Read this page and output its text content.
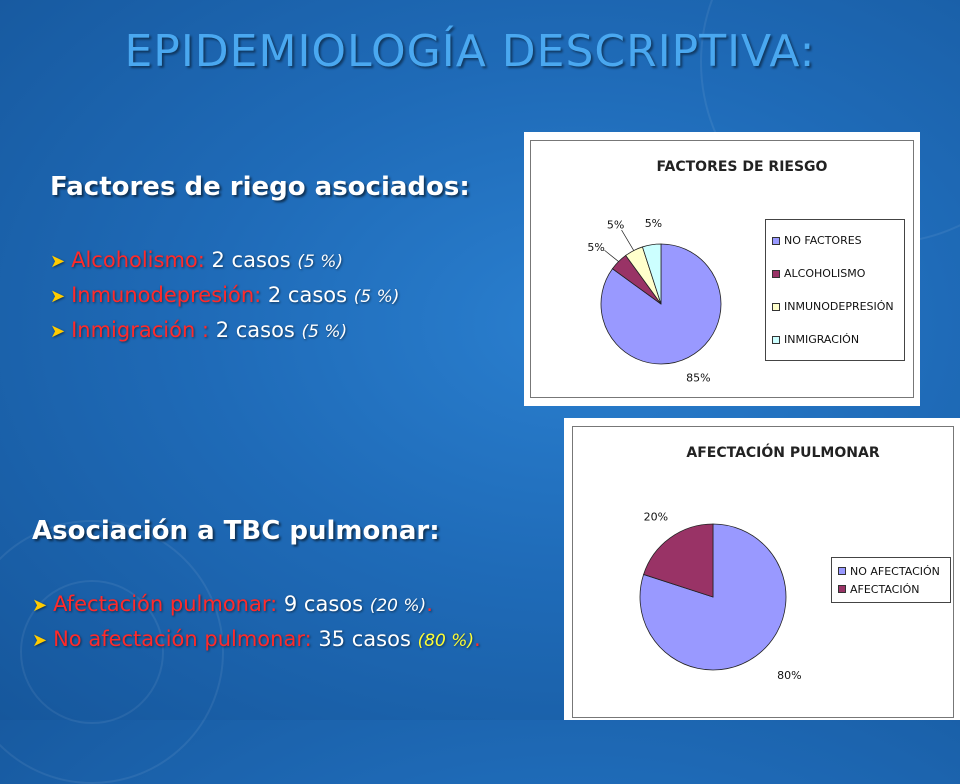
EPIDEMIOLOGÍA DESCRIPTIVA:
Factores de riego asociados:
➤ Alcoholismo: 2 casos (5 %)
➤ Inmunodepresión: 2 casos (5 %)
➤ Inmigración : 2 casos (5 %)
Asociación a TBC pulmonar:
➤ Afectación pulmonar: 9 casos (20 %).
➤ No afectación pulmonar: 35 casos (80 %).
FACTORES DE RIESGO
85%
5%
5% 5%
NO FACTORES
ALCOHOLISMO
INMUNODEPRESIÓN
INMIGRACIÓN
AFECTACIÓN PULMONAR
80%
20%
NO AFECTACIÓN
AFECTACIÓN
